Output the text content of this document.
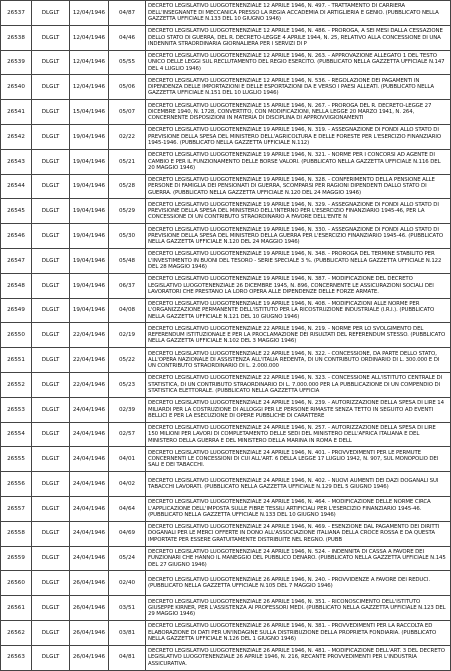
26537	DLGLT	12/04/1946	04/87	DECRETO LEGISLATIVO LUOGOTENENZIALE 12 APRILE 1946, N. 497. - TRATTAMENTO DI CARRIERA DELL'INSEGNANTE DI MECCANICA PRESSO LA REGIA ACCADEMIA DI ARTIGLIERIA E GENIO. (PUBBLICATO NELLA GAZZETTA UFFICIALE N.133 DEL 10 GIUGNO 1946)
26538	DLGLT	12/04/1946	04/46	DECRETO LEGISLATIVO LUOGOTENENZIALE 12 APRILE 1946, N. 486. - PROROGA, A SEI MESI DALLA CESSAZIONE DELLO STATO DI GUERRA, DEL R. DECRETO-LEGGE 4 APRILE 1944, N. 25, RELATIVO ALLA CONCESSIONE DI UNA INDENNITA STRAORDINARIA GIORNALIERA PER I SERVIZI DI P
26539	DLGLT	12/04/1946	05/55	DECRETO LEGISLATIVO LUOGOTENENZIALE 12 APRILE 1946, N. 263. - APPROVAZIONE ALLEGATO 1 DEL TESTO UNICO DELLE LEGGI SUL RECLUTAMENTO DEL REGIO ESERCITO. (PUBBLICATO NELLA GAZZETTA UFFICIALE N.147 DEL 4 LUGLIO 1946)
26540	DLGLT	12/04/1946	05/06	DECRETO LEGISLATIVO LUOGOTENENZIALE 12 APRILE 1946, N. 536. - REGOLAZIONE DEI PAGAMENTI IN DIPENDENZA DELLE IMPORTAZIONI E DELLE ESPORTAZIONI DA E VERSO I PAESI ALLEATI. (PUBBLICATO NELLA GAZZETTA UFFICIALE N.151 DEL 10 LUGLIO 1946)
26541	DLGLT	15/04/1946	05/07	DECRETO LEGISLATIVO LUOGOTENENZIALE 15 APRILE 1946, N. 267. - PROROGA DEL R. DECRETO-LEGGE 27 DICEMBRE 1940, N. 1728, CONVERTITO, CON MODIFICAZIONI, NELLA LEGGE 20 MARZO 1941, N. 264, CONCERNENTE DISPOSIZIONI IN MATERIA DI DISCIPLINA DI APPROVVIGIONAMENTI
26542	DLGLT	19/04/1946	02/22	DECRETO LEGISLATIVO LUOGOTENENZIALE 19 APRILE 1946, N. 319. - ASSEGNAZIONE DI FONDI ALLO STATO DI PREVISIONE DELLA SPESA DEL MINISTERO DELL'AGRICOLTURA E DELLE FORESTE PER L'ESERCIZIO FINANZIARIO 1945-1946. (PUBBLICATO NELLA GAZZETTA UFFICIALE N.112)
26543	DLGLT	19/04/1946	05/21	DECRETO LEGISLATIVO LUOGOTENENZIALE 19 APRILE 1946, N. 321. - NORME PER I CONCORSI AD AGENTE DI CAMBIO E PER IL FUNZIONAMENTO DELLE BORSE VALORI. (PUBBLICATO NELLA GAZZETTA UFFICIALE N.116 DEL 20 MAGGIO 1946)
26544	DLGLT	19/04/1946	05/28	DECRETO LEGISLATIVO LUOGOTENENZIALE 19 APRILE 1946, N. 328. - CONFERIMENTO DELLA PENSIONE ALLE PERSONE DI FAMIGLIA DEI PENSIONATI DI GUERRA, SCOMPARSI PER RAGIONI DIPENDENTI DALLO STATO DI GUERRA. (PUBBLICATO NELLA GAZZETTA UFFICIALE N.120 DEL 24 MAGGIO 1946)
26545	DLGLT	19/04/1946	05/29	DECRETO LEGISLATIVO LUOGOTENENZIALE 19 APRILE 1946, N. 329. - ASSEGNAZIONE DI FONDI ALLO STATO DI PREVISIONE DELLA SPESA DEL MINISTERO DELL'INTERNO PER L'ESERCIZIO FINANZIARIO 1945-46, PER LA CONCESSIONE DI UN CONTRIBUTO STRAORDINARIO A FAVORE DELL'ENTE N
26546	DLGLT	19/04/1946	05/30	DECRETO LEGISLATIVO LUOGOTENENZIALE 19 APRILE 1946, N. 330. - ASSEGNAZIONE DI FONDI ALLO STATO DI PREVISIONE DELLA SPESA DEL MINISTERO DELLA GUERRA PER L'ESERCIZIO FINANZIARIO 1945-46. (PUBBLICATO NELLA GAZZETTA UFFICIALE N.120 DEL 24 MAGGIO 1946)
26547	DLGLT	19/04/1946	05/48	DECRETO LEGISLATIVO LUOGOTENENZIALE 19 APRILE 1946, N. 348. - PROROGA DEL TERMINE STABILITO PER L'INVESTIMENTO IN BUONI DEL TESORO - SERIE SPECIALE 3 %. (PUBBLICATO NELLA GAZZETTA UFFICIALE N.122 DEL 28 MAGGIO 1946)
26548	DLGLT	19/04/1946	06/37	DECRETO LEGISLATIVO LUOGOTENENZIALE 19 APRILE 1946, N. 387. - MODIFICAZIONE DEL DECRETO LEGISLATIVO LUOGOTENENZIALE 26 DICEMBRE 1945, N. 896, CONCERNENTE LE ASSICURAZIONI SOCIALI DEI LAVORATORI CHE PRESTANO LA LORO OPERA ALLE DIPENDENZE DELLE FORZE ARMATE.
26549	DLGLT	19/04/1946	04/08	DECRETO LEGISLATIVO LUOGOTENENZIALE 19 APRILE 1946, N. 408. - MODIFICAZIONI ALLE NORME PER L'ORGANIZZAZIONE PERMANENTE DELL'ISTITUTO PER LA RICOSTRUZIONE INDUSTRIALE (I.R.I.). (PUBBLICATO NELLA GAZZETTA UFFICIALE N.121 DEL 10 GIUGNO 1946)
26550	DLGLT	22/04/1946	02/19	DECRETO LEGISLATIVO LUOGOTENENZIALE 22 APRILE 1946, N. 219. - NORME PER LO SVOLGIMENTO DEL REFERENDUM ISTITUZIONALE E PER LA PROCLAMAZIONE DEI RISULTATI DEL REFERENDUM STESSO. (PUBBLICATO NELLA GAZZETTA UFFICIALE N.102 DEL 3 MAGGIO 1946)
26551	DLGLT	22/04/1946	05/22	DECRETO LEGISLATIVO LUOGOTENENZIALE 22 APRILE 1946, N. 322. - CONCESSIONE, DA PARTE DELLO STATO, ALL'OPERA NAZIONALE DI ASSISTENZA ALL'ITALIA REDENTA, DI UN CONTRIBUTO ORDINARIO DI L. 300.000 E DI UN CONTRIBUTO STRAORDINARIO DI L. 2.000.000
26552	DLGLT	22/04/1946	05/23	DECRETO LEGISLATIVO LUOGOTENENZIALE 22 APRILE 1946, N. 323. - CONCESSIONE ALL'ISTITUTO CENTRALE DI STATISTICA, DI UN CONTRIBUTO STRAORDINARIO DI L. 7.000.000 PER LA PUBBLICAZIONE DI UN COMPENDIO DI STATISTICA ELETTORALE. (PUBBLICATO NELLA GAZZETTA UFFICIA
26553	DLGLT	24/04/1946	02/39	DECRETO LEGISLATIVO LUOGOTENENZIALE 24 APRILE 1946, N. 239. - AUTORIZZAZIONE DELLA SPESA DI LIRE 14 MILIARDI PER LA COSTRUZIONE DI ALLOGGI PER LE PERSONE RIMASTE SENZA TETTO IN SEGUITO AD EVENTI BELLICI E PER LA ESECUZIONE DI OPERE PUBBLICHE DI CARATTERE
26554	DLGLT	24/04/1946	02/57	DECRETO LEGISLATIVO LUOGOTENENZIALE 24 APRILE 1946, N. 257. - AUTORIZZAZIONE DELLA SPESA DI LIRE 150 MILIONI PER LAVORI DI COMPLETAMENTO DELLE SEDI DEL MINISTERO DELL'AFRICA ITALIANA E DEL MINISTERO DELLA GUERRA E DEL MINISTERO DELLA MARINA IN ROMA E DELL
26555	DLGLT	24/04/1946	04/01	DECRETO LEGISLATIVO LUOGOTENENZIALE 24 APRILE 1946, N. 401. - PROVVEDIMENTI PER LE PERMUTE CONCERNENTI LE CONCESSIONI DI CUI ALL'ART. 6 DELLA LEGGE 17 LUGLIO 1942, N. 907, SUL MONOPOLIO DEI SALI E DEI TABACCHI.
26556	DLGLT	24/04/1946	04/02	DECRETO LEGISLATIVO LUOGOTENENZIALE 24 APRILE 1946, N. 402. - NUOVI AUMENTI DEI DAZI DOGANALI SUI TABACCHI LAVORATI. (PUBBLICATO NELLA GAZZETTA UFFICIALE N.129 DEL 5 GIUGNO 1946)
26557	DLGLT	24/04/1946	04/64	DECRETO LEGISLATIVO LUOGOTENENZIALE 24 APRILE 1946, N. 464. - MODIFICAZIONE DELLE NORME CIRCA L'APPLICAZIONE DELL'IMPOSTA SULLE FIBRE TESSILI ARTIFICIALI PER L'ESERCIZIO FINANZIARIO 1945-46. (PUBBLICATO NELLA GAZZETTA UFFICIALE N.133 DEL 10 GIUGNO 1946)
26558	DLGLT	24/04/1946	04/69	DECRETO LEGISLATIVO LUOGOTENENZIALE 24 APRILE 1946, N. 469. - ESENZIONE DAL PAGAMENTO DEI DIRITTI DOGANALI PER LE MERCI OFFERTE IN DONO ALL'ASSOCIAZIONE ITALIANA DELLA CROCE ROSSA E DA QUESTA IMPORTATE PER ESSERE GRATUITAMENTE DISTRIBUITE NEL REGNO. (PUBB
26559	DLGLT	24/04/1946	05/24	DECRETO LEGISLATIVO LUOGOTENENZIALE 24 APRILE 1946, N. 524. - INDENNITA DI CASSA A FAVORE DEI FUNZIONARI CHE HANNO IL MANEGGIO DEL PUBBLICO DENARO. (PUBBLICATO NELLA GAZZETTA UFFICIALE N.145 DEL 27 GIUGNO 1946)
26560	DLGLT	26/04/1946	02/40	DECRETO LEGISLATIVO LUOGOTENENZIALE 26 APRILE 1946, N. 240. - PROVVIDENZE A FAVORE DEI REDUCI. (PUBBLICATO NELLA GAZZETTA UFFICIALE N.105 DEL 7 MAGGIO 1946)
26561	DLGLT	26/04/1946	03/51	DECRETO LEGISLATIVO LUOGOTENENZIALE 26 APRILE 1946, N. 351. - RICONOSCIMENTO DELL'ISTITUTO GIUSEPPE KIRNER, PER L'ASSISTENZA AI PROFESSORI MEDI. (PUBBLICATO NELLA GAZZETTA UFFICIALE N.123 DEL 29 MAGGIO 1946)
26562	DLGLT	26/04/1946	03/81	DECRETO LEGISLATIVO LUOGOTENENZIALE 26 APRILE 1946, N. 381. - PROVVEDIMENTI PER LA RACCOLTA ED ELABORAZIONE DI DATI PER UN'INDAGINE SULLA DISTRIBUZIONE DELLA PROPRIETA FONDIARIA. (PUBBLICATO NELLA GAZZETTA UFFICIALE N.126 DEL 1 GIUGNO 1946)
26563	DLGLT	26/04/1946	04/81	DECRETO LEGISLATIVO LUOGOTENENZIALE 26 APRILE 1946, N. 481. - MODIFICAZIONE DELL'ART. 3 DEL DECRETO LEGISLATIVO LUOGOTENENZIALE 26 APRILE 1946, N. 216, RECANTE PROVVEDIMENTI PER L'INDUSTRIA ASSICURATIVA.
